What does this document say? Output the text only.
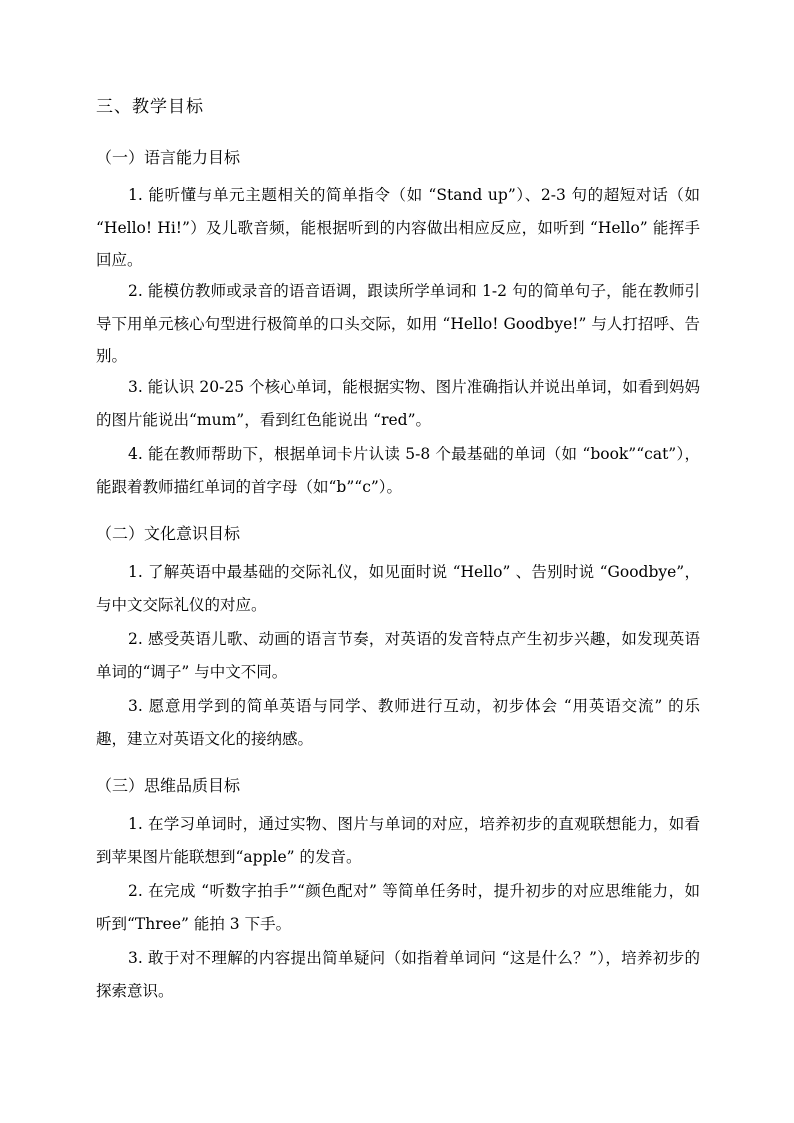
三、教学目标
（一）语言能力目标

1. 能听懂与单元主题相关的简单指令（如 “Stand up”）、2-3 句的超短对话（如 “Hello! Hi!”）及儿歌音频，能根据听到的内容做出相应反应，如听到 “Hello” 能挥手回应。

2. 能模仿教师或录音的语音语调，跟读所学单词和 1-2 句的简单句子，能在教师引导下用单元核心句型进行极简单的口头交际，如用 “Hello! Goodbye!” 与人打招呼、告别。

3. 能认识 20-25 个核心单词，能根据实物、图片准确指认并说出单词，如看到妈妈的图片能说出“mum”，看到红色能说出 “red”。

4. 能在教师帮助下，根据单词卡片认读 5-8 个最基础的单词（如 “book”“cat”），能跟着教师描红单词的首字母（如“b”“c”）。

（二）文化意识目标

1. 了解英语中最基础的交际礼仪，如见面时说 “Hello” 、告别时说 “Goodbye”，与中文交际礼仪的对应。

2. 感受英语儿歌、动画的语言节奏，对英语的发音特点产生初步兴趣，如发现英语单词的“调子” 与中文不同。

3. 愿意用学到的简单英语与同学、教师进行互动，初步体会 “用英语交流” 的乐趣，建立对英语文化的接纳感。

（三）思维品质目标

1. 在学习单词时，通过实物、图片与单词的对应，培养初步的直观联想能力，如看到苹果图片能联想到“apple” 的发音。

2. 在完成 “听数字拍手”“颜色配对” 等简单任务时，提升初步的对应思维能力，如听到“Three” 能拍 3 下手。

3. 敢于对不理解的内容提出简单疑问（如指着单词问 “这是什么？”），培养初步的探索意识。
